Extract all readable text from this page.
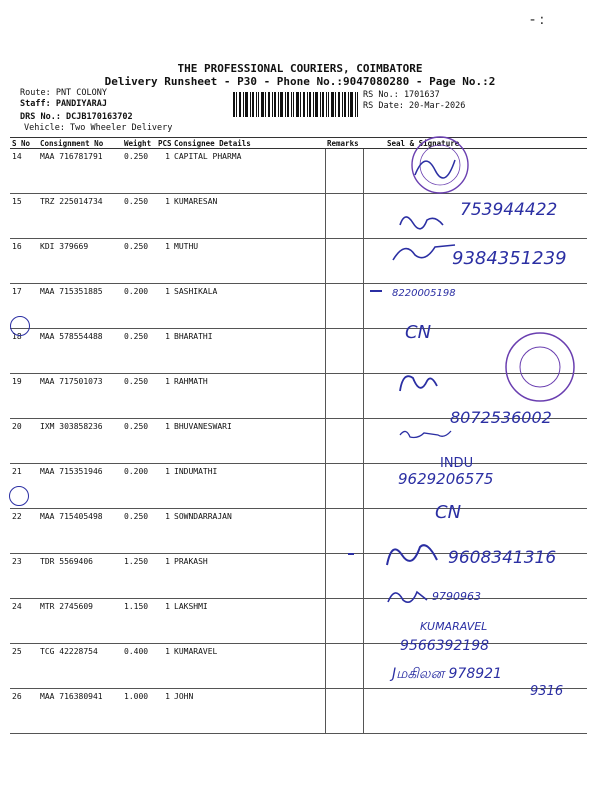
- :
THE PROFESSIONAL COURIERS, COIMBATORE
Delivery Runsheet - P30 - Phone No.:9047080280 - Page No.:2
Route: PNT COLONY
Staff: PANDIYARAJ
DRS No.: DCJB170163702
Vehicle: Two Wheeler Delivery
RS No.: 1701637
RS Date: 20-Mar-2026
S No	Consignment No	Weight	PCS	Consignee Details	Remarks	Seal & Signature
14	MAA 716781791	0.250	1	CAPITAL PHARMA		
15	TRZ 225014734	0.250	1	KUMARESAN		
16	KDI 379669	0.250	1	MUTHU		
17	MAA 715351885	0.200	1	SASHIKALA		
18	MAA 578554488	0.250	1	BHARATHI		
19	MAA 717501073	0.250	1	RAHMATH		
20	IXM 303858236	0.250	1	BHUVANESWARI		
21	MAA 715351946	0.200	1	INDUMATHI		
22	MAA 715405498	0.250	1	SOWNDARRAJAN		
23	TDR 5569406	1.250	1	PRAKASH		
24	MTR 2745609	1.150	1	LAKSHMI		
25	TCG 42228754	0.400	1	KUMARAVEL		
26	MAA 716380941	1.000	1	JOHN		
753944422
9384351239
8220005198
CN
8072536002
INDU
9629206575
CN
9608341316
9790963
KUMARAVEL
9566392198
Jமகிலன 978921
9316
